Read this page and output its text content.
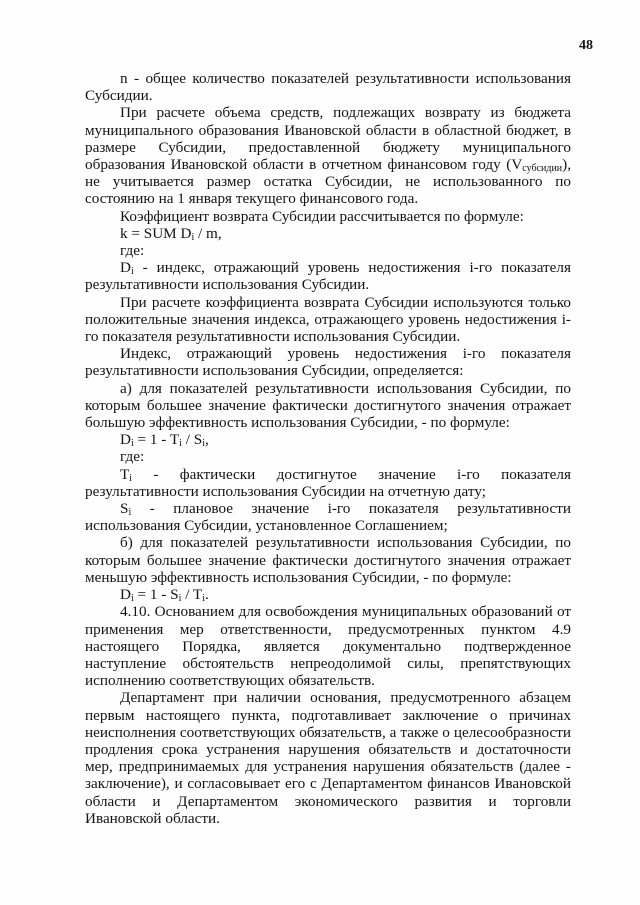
48

n - общее количество показателей результативности использования Субсидии.

При расчете объема средств, подлежащих возврату из бюджета муниципального образования Ивановской области в областной бюджет, в размере Субсидии, предоставленной бюджету муниципального образования Ивановской области в отчетном финансовом году $(V_{субсидии})$, не учитывается размер остатка Субсидии, не использованного по состоянию на 1 января текущего финансового года.

Коэффициент возврата Субсидии рассчитывается по формуле:

k = SUM $D_i$ / m,

где:

$D_i$ - индекс, отражающий уровень недостижения i-го показателя результативности использования Субсидии.

При расчете коэффициента возврата Субсидии используются только положительные значения индекса, отражающего уровень недостижения i-го показателя результативности использования Субсидии.

Индекс, отражающий уровень недостижения i-го показателя результативности использования Субсидии, определяется:

а) для показателей результативности использования Субсидии, по которым большее значение фактически достигнутого значения отражает большую эффективность использования Субсидии, - по формуле:

$D_i = 1 - T_i / S_i$,

где:

$T_i$ - фактически достигнутое значение i-го показателя результативности использования Субсидии на отчетную дату;

$S_i$ - плановое значение i-го показателя результативности использования Субсидии, установленное Соглашением;

б) для показателей результативности использования Субсидии, по которым большее значение фактически достигнутого значения отражает меньшую эффективность использования Субсидии, - по формуле:

$D_i = 1 - S_i / T_i$.

4.10. Основанием для освобождения муниципальных образований от применения мер ответственности, предусмотренных пунктом 4.9 настоящего Порядка, является документально подтвержденное наступление обстоятельств непреодолимой силы, препятствующих исполнению соответствующих обязательств.

Департамент при наличии основания, предусмотренного абзацем первым настоящего пункта, подготавливает заключение о причинах неисполнения соответствующих обязательств, а также о целесообразности продления срока устранения нарушения обязательств и достаточности мер, предпринимаемых для устранения нарушения обязательств (далее - заключение), и согласовывает его с Департаментом финансов Ивановской области и Департаментом экономического развития и торговли Ивановской области.
